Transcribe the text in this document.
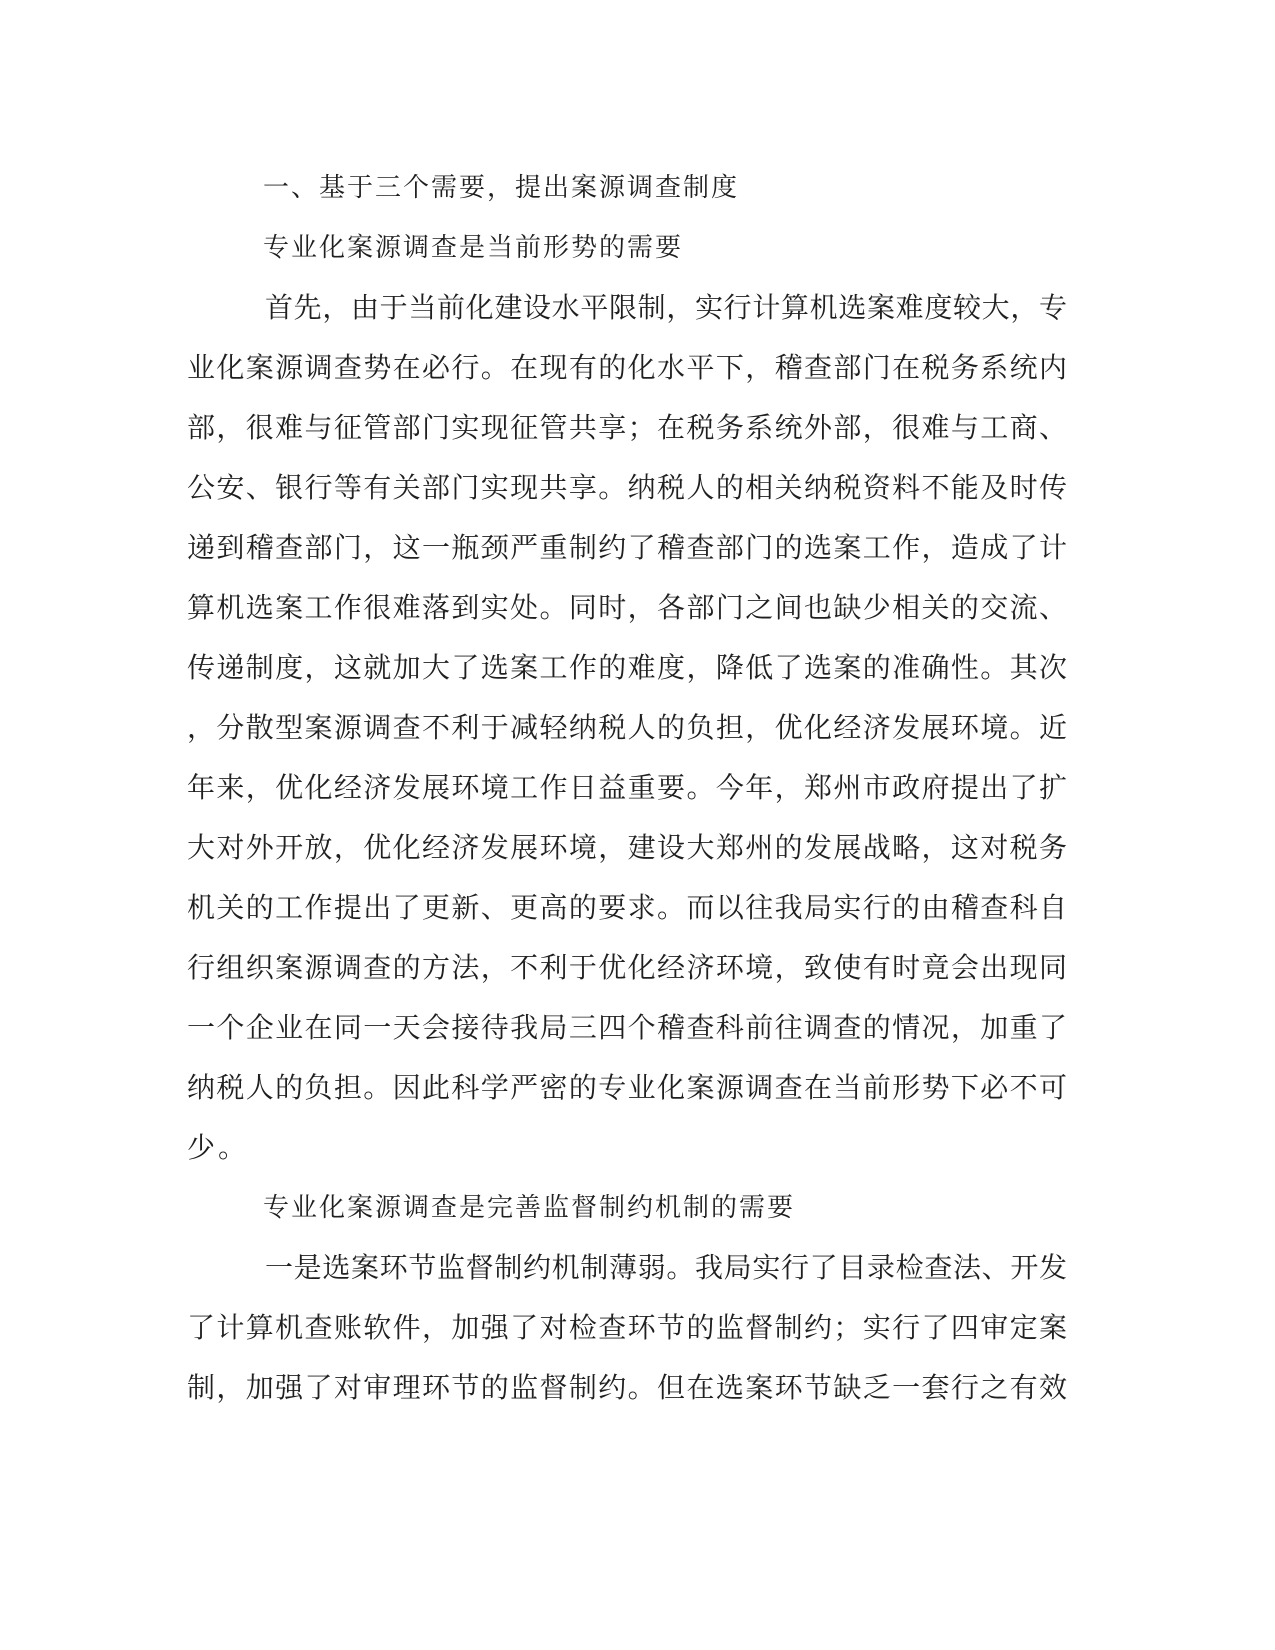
一、基于三个需要，提出案源调查制度
专业化案源调查是当前形势的需要
首先，由于当前化建设水平限制，实行计算机选案难度较大，专
业化案源调查势在必行。在现有的化水平下，稽查部门在税务系统内
部，很难与征管部门实现征管共享；在税务系统外部，很难与工商、
公安、银行等有关部门实现共享。纳税人的相关纳税资料不能及时传
递到稽查部门，这一瓶颈严重制约了稽查部门的选案工作，造成了计
算机选案工作很难落到实处。同时，各部门之间也缺少相关的交流、
传递制度，这就加大了选案工作的难度，降低了选案的准确性。其次
，分散型案源调查不利于减轻纳税人的负担，优化经济发展环境。近
年来，优化经济发展环境工作日益重要。今年，郑州市政府提出了扩
大对外开放，优化经济发展环境，建设大郑州的发展战略，这对税务
机关的工作提出了更新、更高的要求。而以往我局实行的由稽查科自
行组织案源调查的方法，不利于优化经济环境，致使有时竟会出现同
一个企业在同一天会接待我局三四个稽查科前往调查的情况，加重了
纳税人的负担。因此科学严密的专业化案源调查在当前形势下必不可
少。
专业化案源调查是完善监督制约机制的需要
一是选案环节监督制约机制薄弱。我局实行了目录检查法、开发
了计算机查账软件，加强了对检查环节的监督制约；实行了四审定案
制，加强了对审理环节的监督制约。但在选案环节缺乏一套行之有效
